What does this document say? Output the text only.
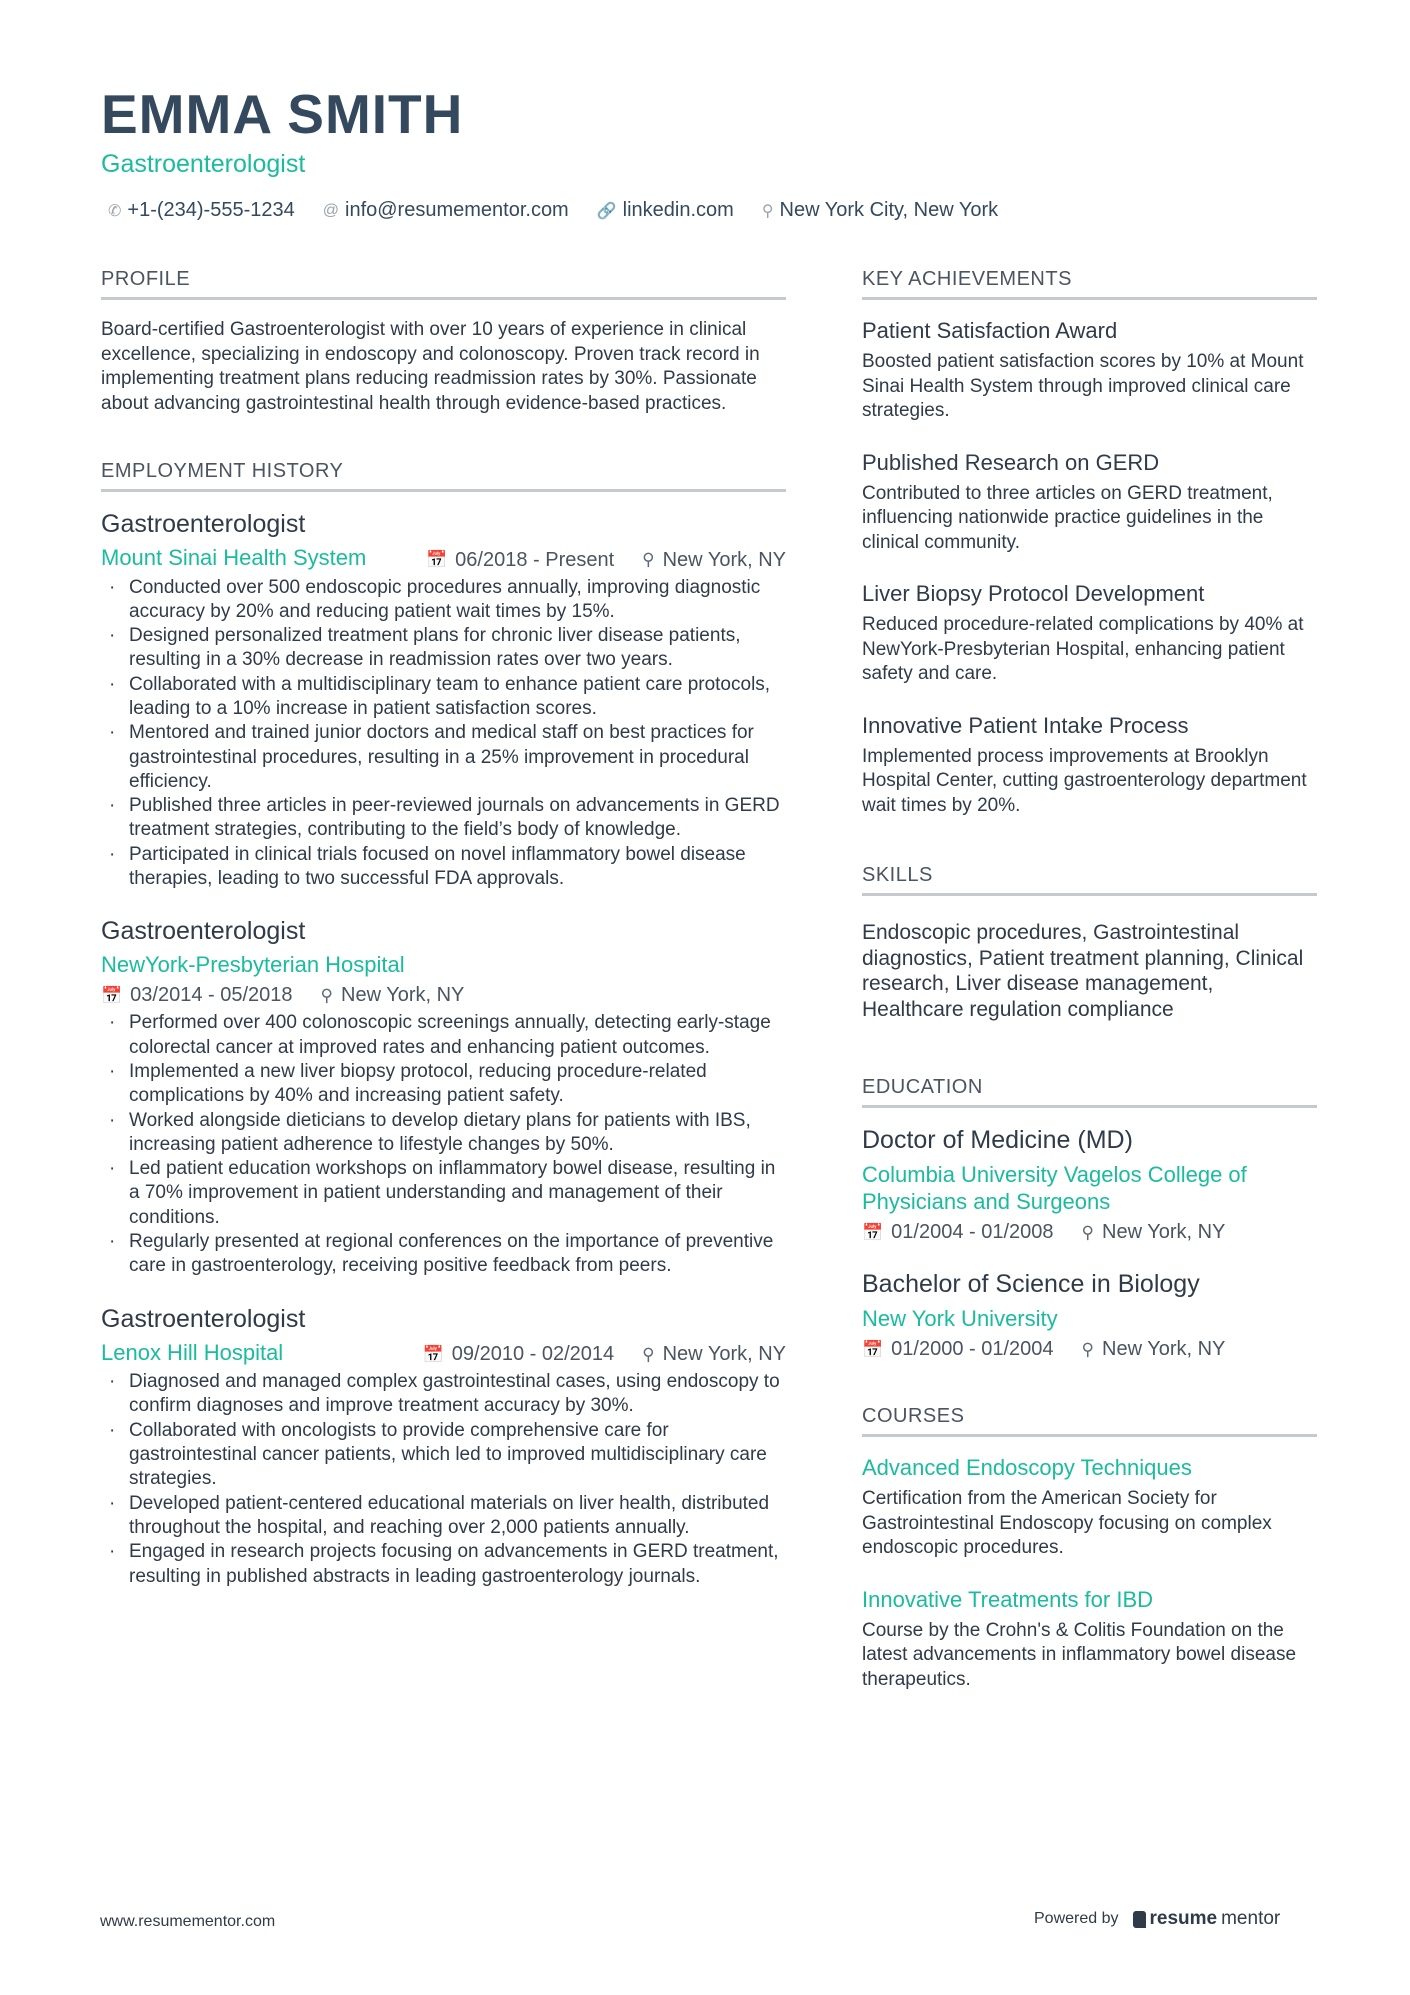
EMMA SMITH
Gastroenterologist
✆ +1-(234)-555-1234 @ info@resumementor.com 🔗 linkedin.com ⚲ New York City, New York
PROFILE
Board-certified Gastroenterologist with over 10 years of experience in clinical excellence, specializing in endoscopy and colonoscopy. Proven track record in implementing treatment plans reducing readmission rates by 30%. Passionate about advancing gastrointestinal health through evidence-based practices.
EMPLOYMENT HISTORY
Gastroenterologist
Mount Sinai Health System	📅 06/2018 - Present ⚲ New York, NY
· Conducted over 500 endoscopic procedures annually, improving diagnostic accuracy by 20% and reducing patient wait times by 15%.
· Designed personalized treatment plans for chronic liver disease patients, resulting in a 30% decrease in readmission rates over two years.
· Collaborated with a multidisciplinary team to enhance patient care protocols, leading to a 10% increase in patient satisfaction scores.
· Mentored and trained junior doctors and medical staff on best practices for gastrointestinal procedures, resulting in a 25% improvement in procedural efficiency.
· Published three articles in peer-reviewed journals on advancements in GERD treatment strategies, contributing to the field’s body of knowledge.
· Participated in clinical trials focused on novel inflammatory bowel disease therapies, leading to two successful FDA approvals.
Gastroenterologist
NewYork-Presbyterian Hospital
📅 03/2014 - 05/2018 ⚲ New York, NY
· Performed over 400 colonoscopic screenings annually, detecting early-stage colorectal cancer at improved rates and enhancing patient outcomes.
· Implemented a new liver biopsy protocol, reducing procedure-related complications by 40% and increasing patient safety.
· Worked alongside dieticians to develop dietary plans for patients with IBS, increasing patient adherence to lifestyle changes by 50%.
· Led patient education workshops on inflammatory bowel disease, resulting in a 70% improvement in patient understanding and management of their conditions.
· Regularly presented at regional conferences on the importance of preventive care in gastroenterology, receiving positive feedback from peers.
Gastroenterologist
Lenox Hill Hospital	📅 09/2010 - 02/2014 ⚲ New York, NY
· Diagnosed and managed complex gastrointestinal cases, using endoscopy to confirm diagnoses and improve treatment accuracy by 30%.
· Collaborated with oncologists to provide comprehensive care for gastrointestinal cancer patients, which led to improved multidisciplinary care strategies.
· Developed patient-centered educational materials on liver health, distributed throughout the hospital, and reaching over 2,000 patients annually.
· Engaged in research projects focusing on advancements in GERD treatment, resulting in published abstracts in leading gastroenterology journals.
KEY ACHIEVEMENTS
Patient Satisfaction Award
Boosted patient satisfaction scores by 10% at Mount Sinai Health System through improved clinical care strategies.
Published Research on GERD
Contributed to three articles on GERD treatment, influencing nationwide practice guidelines in the clinical community.
Liver Biopsy Protocol Development
Reduced procedure-related complications by 40% at NewYork-Presbyterian Hospital, enhancing patient safety and care.
Innovative Patient Intake Process
Implemented process improvements at Brooklyn Hospital Center, cutting gastroenterology department wait times by 20%.
SKILLS
Endoscopic procedures, Gastrointestinal diagnostics, Patient treatment planning, Clinical research, Liver disease management, Healthcare regulation compliance
EDUCATION
Doctor of Medicine (MD)
Columbia University Vagelos College of Physicians and Surgeons
📅 01/2004 - 01/2008 ⚲ New York, NY
Bachelor of Science in Biology
New York University
📅 01/2000 - 01/2004 ⚲ New York, NY
COURSES
Advanced Endoscopy Techniques
Certification from the American Society for Gastrointestinal Endoscopy focusing on complex endoscopic procedures.
Innovative Treatments for IBD
Course by the Crohn's & Colitis Foundation on the latest advancements in inflammatory bowel disease therapeutics.
www.resumementor.com	Powered by resume mentor
